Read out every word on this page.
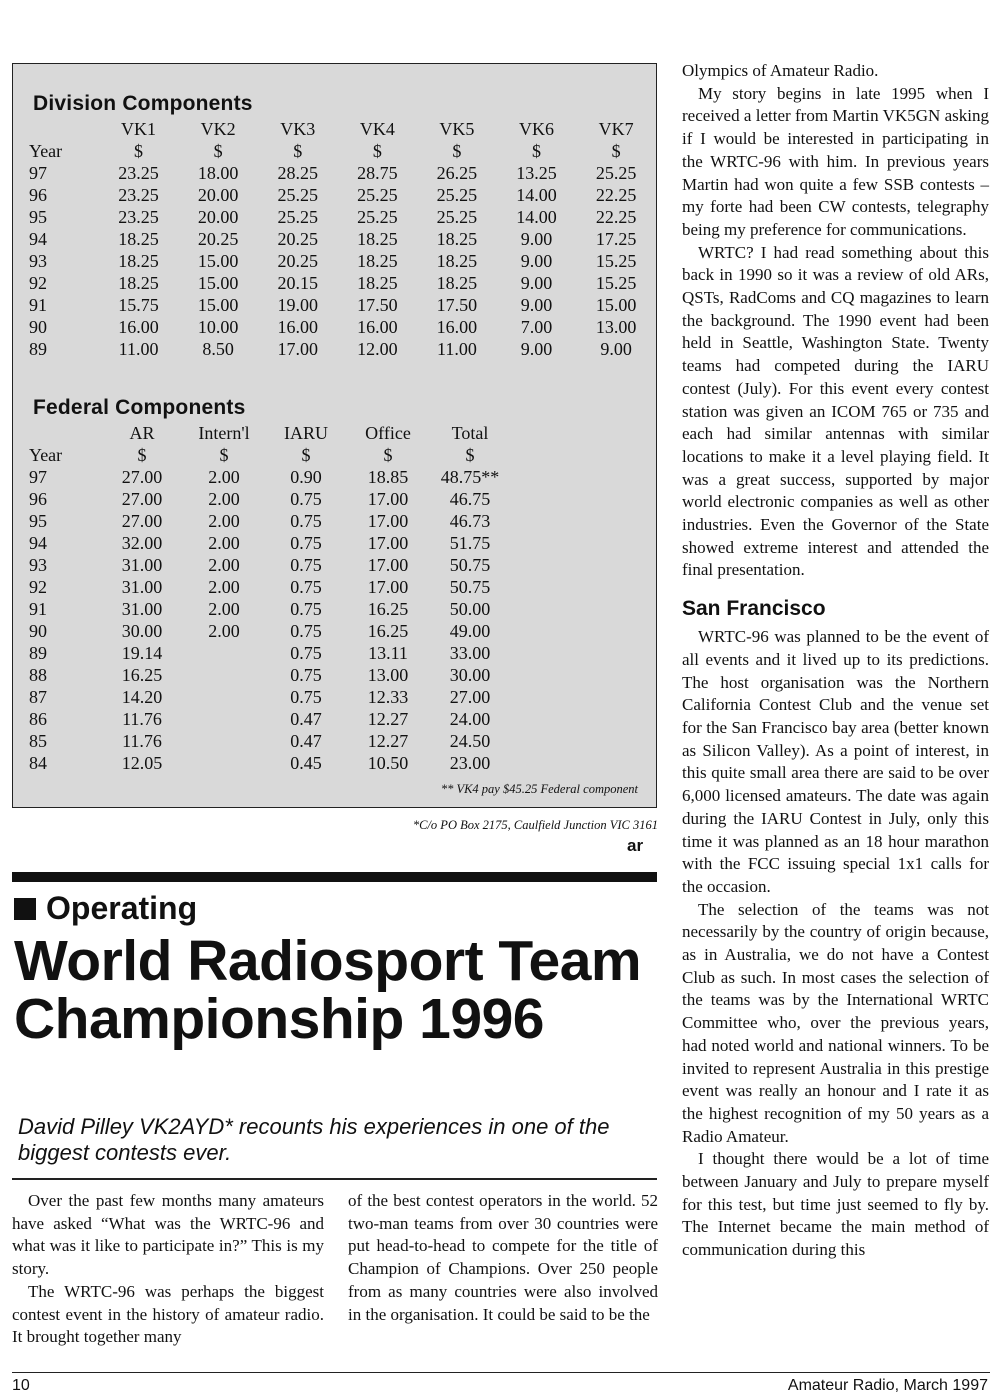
Division Components
	VK1	VK2	VK3	VK4	VK5	VK6	VK7
Year	$	$	$	$	$	$	$
97	23.25	18.00	28.25	28.75	26.25	13.25	25.25
96	23.25	20.00	25.25	25.25	25.25	14.00	22.25
95	23.25	20.00	25.25	25.25	25.25	14.00	22.25
94	18.25	20.25	20.25	18.25	18.25	9.00	17.25
93	18.25	15.00	20.25	18.25	18.25	9.00	15.25
92	18.25	15.00	20.15	18.25	18.25	9.00	15.25
91	15.75	15.00	19.00	17.50	17.50	9.00	15.00
90	16.00	10.00	16.00	16.00	16.00	7.00	13.00
89	11.00	8.50	17.00	12.00	11.00	9.00	9.00
Federal Components
	AR	Intern'l	IARU	Office	Total
Year	$	$	$	$	$
97	27.00	2.00	0.90	18.85	48.75**
96	27.00	2.00	0.75	17.00	46.75
95	27.00	2.00	0.75	17.00	46.73
94	32.00	2.00	0.75	17.00	51.75
93	31.00	2.00	0.75	17.00	50.75
92	31.00	2.00	0.75	17.00	50.75
91	31.00	2.00	0.75	16.25	50.00
90	30.00	2.00	0.75	16.25	49.00
89	19.14		0.75	13.11	33.00
88	16.25		0.75	13.00	30.00
87	14.20		0.75	12.33	27.00
86	11.76		0.47	12.27	24.00
85	11.76		0.47	12.27	24.50
84	12.05		0.45	10.50	23.00
** VK4 pay $45.25 Federal component
*C/o PO Box 2175, Caulfield Junction VIC 3161
ar
Operating
World Radiosport Team Championship 1996
David Pilley VK2AYD* recounts his experiences in one of the biggest contests ever.

Over the past few months many amateurs have asked “What was the WRTC-96 and what was it like to participate in?” This is my story.

The WRTC-96 was perhaps the biggest contest event in the history of amateur radio. It brought together many

of the best contest operators in the world. 52 two-man teams from over 30 countries were put head-to-head to compete for the title of Champion of Champions. Over 250 people from as many countries were also involved in the organisation. It could be said to be the

Olympics of Amateur Radio.

My story begins in late 1995 when I received a letter from Martin VK5GN asking if I would be interested in participating in the WRTC-96 with him. In previous years Martin had won quite a few SSB contests – my forte had been CW contests, telegraphy being my preference for communications.

WRTC? I had read something about this back in 1990 so it was a review of old ARs, QSTs, RadComs and CQ magazines to learn the background. The 1990 event had been held in Seattle, Washington State. Twenty teams had competed during the IARU contest (July). For this event every contest station was given an ICOM 765 or 735 and each had similar antennas with similar locations to make it a level playing field. It was a great success, supported by major world electronic companies as well as other industries. Even the Governor of the State showed extreme interest and attended the final presentation.

San Francisco

WRTC-96 was planned to be the event of all events and it lived up to its predictions. The host organisation was the Northern California Contest Club and the venue set for the San Francisco bay area (better known as Silicon Valley). As a point of interest, in this quite small area there are said to be over 6,000 licensed amateurs. The date was again during the IARU Contest in July, only this time it was planned as an 18 hour marathon with the FCC issuing special 1x1 calls for the occasion.

The selection of the teams was not necessarily by the country of origin because, as in Australia, we do not have a Contest Club as such. In most cases the selection of the teams was by the International WRTC Committee who, over the previous years, had noted world and national winners. To be invited to represent Australia in this prestige event was really an honour and I rate it as the highest recognition of my 50 years as a Radio Amateur.

I thought there would be a lot of time between January and July to prepare myself for this test, but time just seemed to fly by. The Internet became the main method of communication during this

10	Amateur Radio, March 1997
